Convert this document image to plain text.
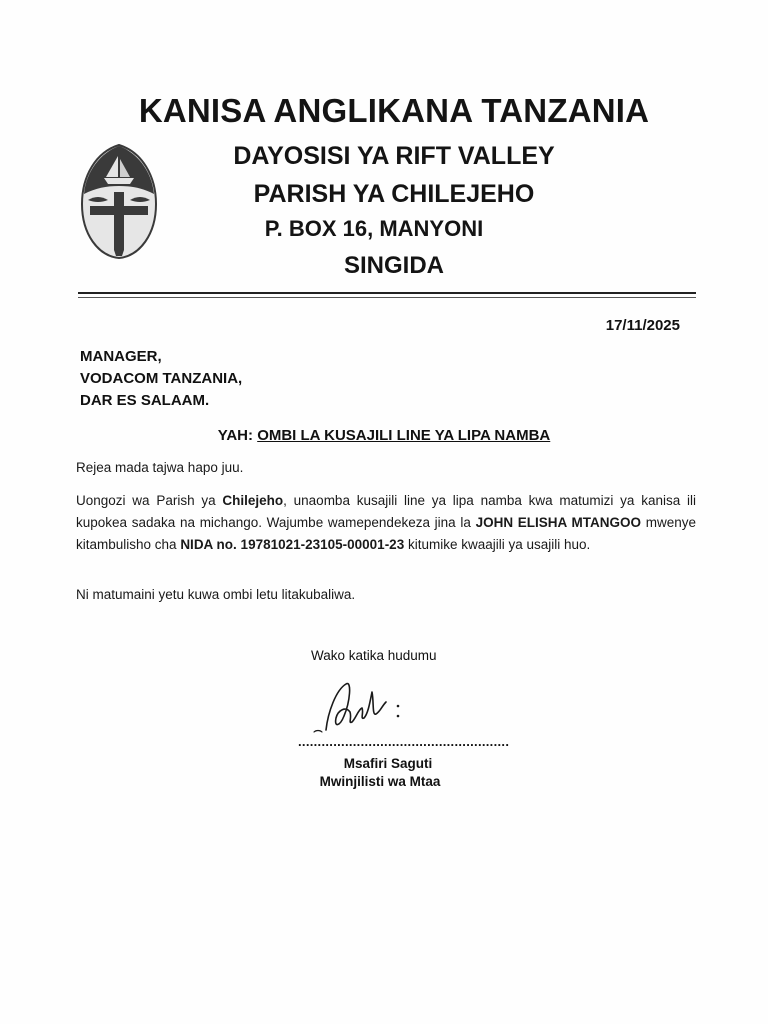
KANISA ANGLIKANA TANZANIA
DAYOSISI YA RIFT VALLEY
PARISH YA CHILEJEHO
P. BOX 16, MANYONI
SINGIDA
17/11/2025
MANAGER,
VODACOM TANZANIA,
DAR ES SALAAM.
YAH: OMBI LA KUSAJILI LINE YA LIPA NAMBA
Rejea mada tajwa hapo juu.
Uongozi wa Parish ya Chilejeho, unaomba kusajili line ya lipa namba kwa matumizi ya kanisa ili kupokea sadaka na michango. Wajumbe wamependekeza jina la JOHN ELISHA MTANGOO mwenye kitambulisho cha NIDA no. 19781021-23105-00001-23 kitumike kwaajili ya usajili huo.
Ni matumaini yetu kuwa ombi letu litakubaliwa.
Wako katika hudumu
......................................................
Msafiri Saguti
Mwinjilisti wa Mtaa
